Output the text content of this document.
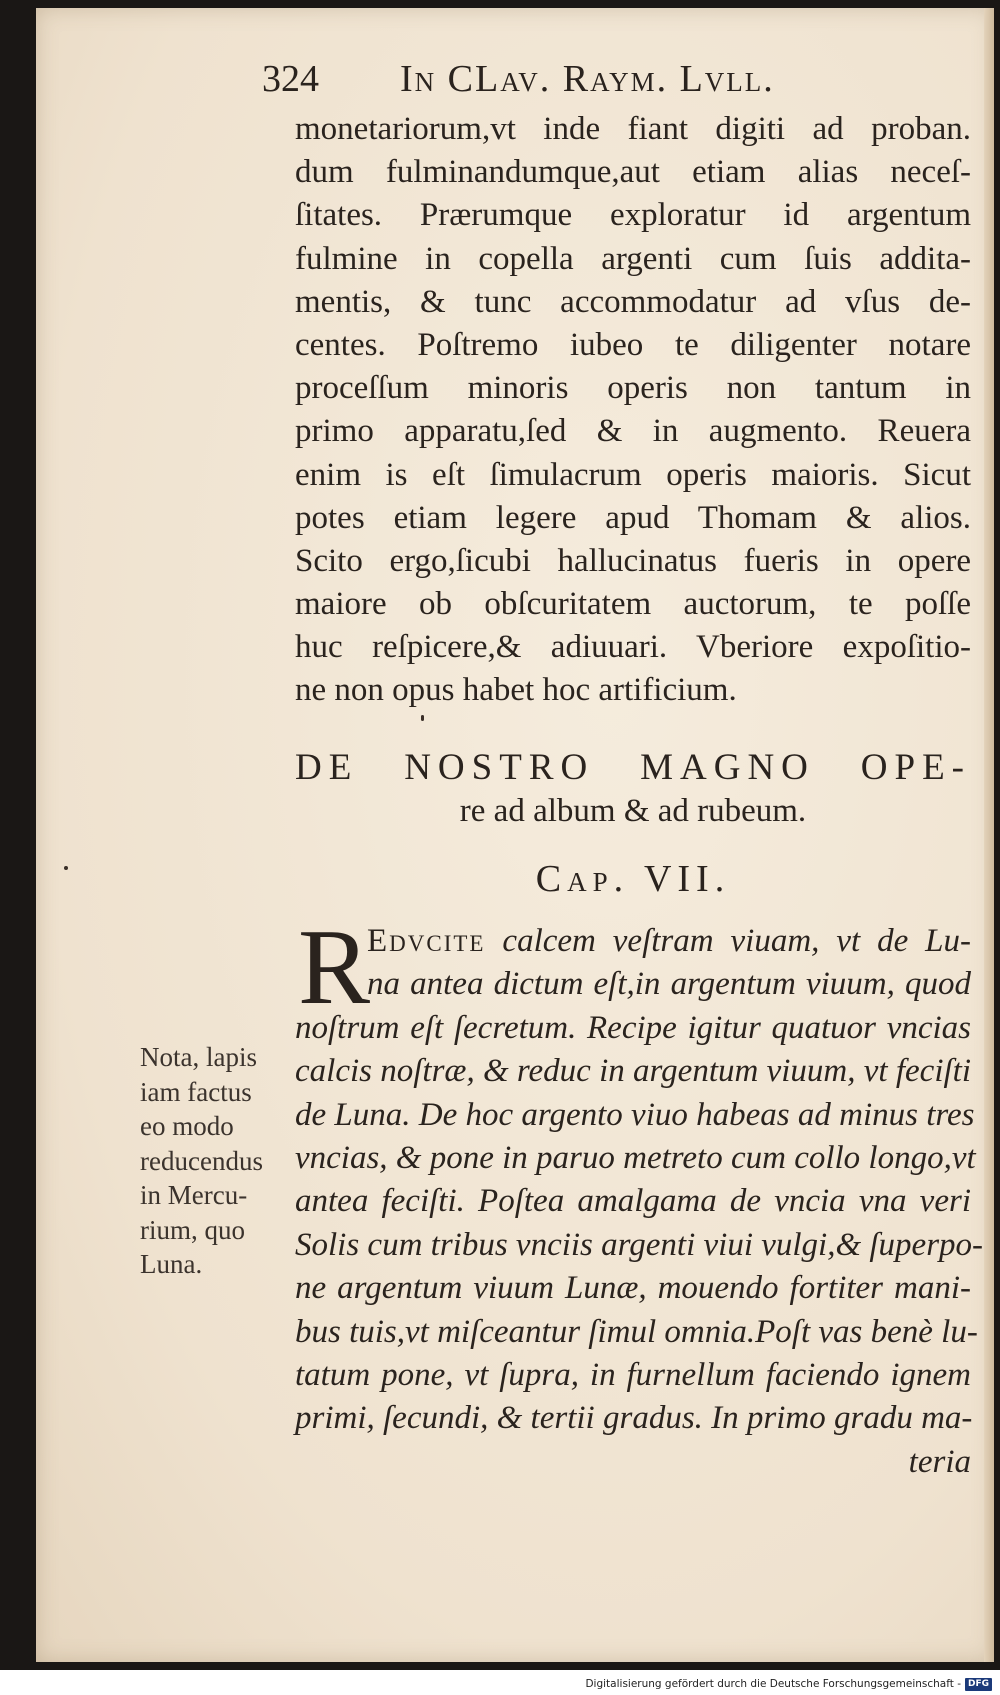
324 In CLav. Raym. Lvll.
monetariorum,vt inde fiant digiti ad proban.
dum fulminandumque,aut etiam alias neceſ-
ſitates. Prærumque exploratur id argentum
fulmine in copella argenti cum ſuis addita-
mentis, & tunc accommodatur ad vſus de-
centes. Poſtremo iubeo te diligenter notare
proceſſum minoris operis non tantum in
primo apparatu,ſed & in augmento. Reuera
enim is eſt ſimulacrum operis maioris. Sicut
potes etiam legere apud Thomam & alios.
Scito ergo,ſicubi hallucinatus fueris in opere
maiore ob obſcuritatem auctorum, te poſſe
huc reſpicere,& adiuuari. Vberiore expoſitio-
ne non opus habet hoc artificium.
DE NOSTRO MAGNO OPE-
re ad album & ad rubeum.
Cap. VII.
R
Edvcite calcem veſtram viuam, vt de Lu-
na antea dictum eſt,in argentum viuum, quod
noſtrum eſt ſecretum. Recipe igitur quatuor vncias
calcis noſtræ, & reduc in argentum viuum, vt feciſti
de Luna. De hoc argento viuo habeas ad minus tres
vncias, & pone in paruo metreto cum collo longo,vt
antea feciſti. Poſtea amalgama de vncia vna veri
Solis cum tribus vnciis argenti viui vulgi,& ſuperpo-
ne argentum viuum Lunæ, mouendo fortiter mani-
bus tuis,vt miſceantur ſimul omnia.Poſt vas benè lu-
tatum pone, vt ſupra, in furnellum faciendo ignem
primi, ſecundi, & tertii gradus. In primo gradu ma-
teria
Nota, lapis
iam factus
eo modo
reducendus
in Mercu-
rium, quo
Luna.
Digitalisierung gefördert durch die Deutsche Forschungsgemeinschaft - DFG
